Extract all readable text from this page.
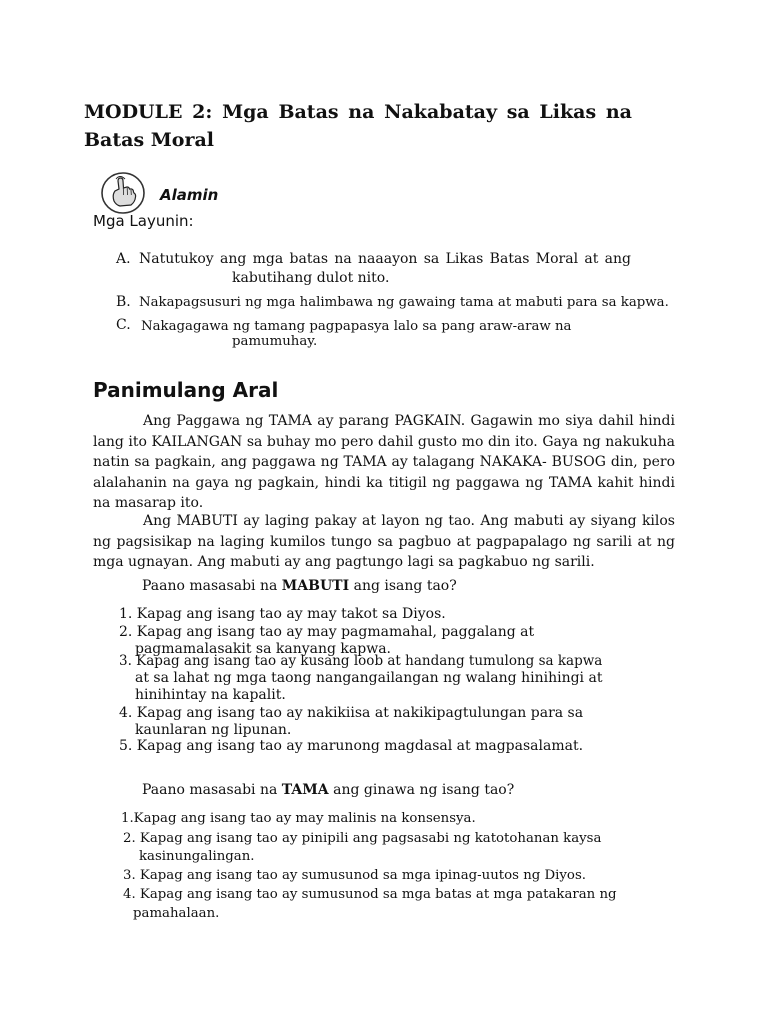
MODULE 2: Mga Batas na Nakabatay sa Likas na
Batas Moral
Alamin
Mga Layunin:
A. Natutukoy ang mga batas na naaayon sa Likas Batas Moral at ang
kabutihang dulot nito.
B. Nakapagsusuri ng mga halimbawa ng gawaing tama at mabuti para sa kapwa.
C. Nakagagawa ng tamang pagpapasya lalo sa pang araw-araw na
pamumuhay.
Panimulang Aral
Ang Paggawa ng TAMA ay parang PAGKAIN. Gagawin mo siya dahil hindi lang ito KAILANGAN sa buhay mo pero dahil gusto mo din ito. Gaya ng nakukuha natin sa pagkain, ang paggawa ng TAMA ay talagang NAKAKA- BUSOG din, pero alalahanin na gaya ng pagkain, hindi ka titigil ng paggawa ng TAMA kahit hindi na masarap ito.
Ang MABUTI ay laging pakay at layon ng tao. Ang mabuti ay siyang kilos ng pagsisikap na laging kumilos tungo sa pagbuo at pagpapalago ng sarili at ng mga ugnayan. Ang mabuti ay ang pagtungo lagi sa pagkabuo ng sarili.
Paano masasabi na MABUTI ang isang tao?
1. Kapag ang isang tao ay may takot sa Diyos.
2. Kapag ang isang tao ay may pagmamahal, paggalang at
pagmamalasakit sa kanyang kapwa.
3. Kapag ang isang tao ay kusang loob at handang tumulong sa kapwa
at sa lahat ng mga taong nangangailangan ng walang hinihingi at
hinihintay na kapalit.
4. Kapag ang isang tao ay nakikiisa at nakikipagtulungan para sa
kaunlaran ng lipunan.
5. Kapag ang isang tao ay marunong magdasal at magpasalamat.
Paano masasabi na TAMA ang ginawa ng isang tao?
1.Kapag ang isang tao ay may malinis na konsensya.
2. Kapag ang isang tao ay pinipili ang pagsasabi ng katotohanan kaysa
kasinungalingan.
3. Kapag ang isang tao ay sumusunod sa mga ipinag-uutos ng Diyos.
4. Kapag ang isang tao ay sumusunod sa mga batas at mga patakaran ng
pamahalaan.
